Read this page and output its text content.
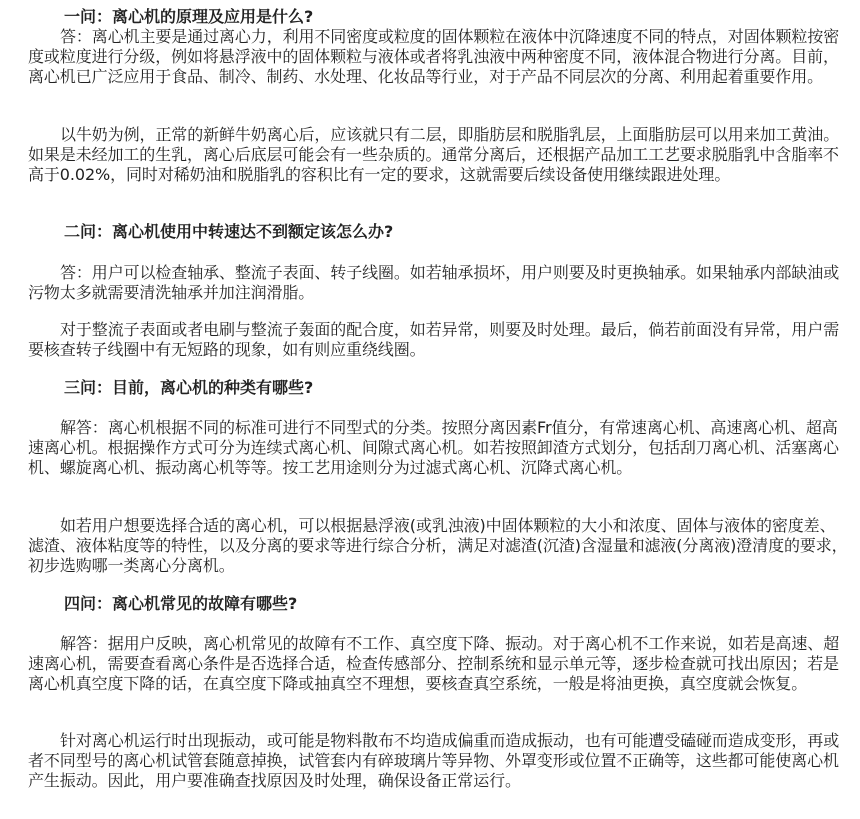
一问：离心机的原理及应用是什么?

答：离心机主要是通过离心力，利用不同密度或粒度的固体颗粒在液体中沉降速度不同的特点，对固体颗粒按密度或粒度进行分级，例如将悬浮液中的固体颗粒与液体或者将乳浊液中两种密度不同，液体混合物进行分离。目前，离心机已广泛应用于食品、制冷、制药、水处理、化妆品等行业，对于产品不同层次的分离、利用起着重要作用。

以牛奶为例，正常的新鲜牛奶离心后，应该就只有二层，即脂肪层和脱脂乳层，上面脂肪层可以用来加工黄油。如果是未经加工的生乳，离心后底层可能会有一些杂质的。通常分离后，还根据产品加工工艺要求脱脂乳中含脂率不高于0.02%，同时对稀奶油和脱脂乳的容积比有一定的要求，这就需要后续设备使用继续跟进处理。

二问：离心机使用中转速达不到额定该怎么办?

答：用户可以检查轴承、整流子表面、转子线圈。如若轴承损坏，用户则要及时更换轴承。如果轴承内部缺油或污物太多就需要清洗轴承并加注润滑脂。

对于整流子表面或者电刷与整流子轰面的配合度，如若异常，则要及时处理。最后，倘若前面没有异常，用户需要核查转子线圈中有无短路的现象，如有则应重绕线圈。

三问：目前，离心机的种类有哪些?

解答：离心机根据不同的标准可进行不同型式的分类。按照分离因素Fr值分，有常速离心机、高速离心机、超高速离心机。根据操作方式可分为连续式离心机、间隙式离心机。如若按照卸渣方式划分，包括刮刀离心机、活塞离心机、螺旋离心机、振动离心机等等。按工艺用途则分为过滤式离心机、沉降式离心机。

如若用户想要选择合适的离心机，可以根据悬浮液(或乳浊液)中固体颗粒的大小和浓度、固体与液体的密度差、滤渣、液体粘度等的特性，以及分离的要求等进行综合分析，满足对滤渣(沉渣)含湿量和滤液(分离液)澄清度的要求，初步选购哪一类离心分离机。

四问：离心机常见的故障有哪些?

解答：据用户反映，离心机常见的故障有不工作、真空度下降、振动。对于离心机不工作来说，如若是高速、超速离心机，需要查看离心条件是否选择合适，检查传感部分、控制系统和显示单元等，逐步检查就可找出原因；若是离心机真空度下降的话，在真空度下降或抽真空不理想，要核查真空系统，一般是将油更换，真空度就会恢复。

针对离心机运行时出现振动，或可能是物料散布不均造成偏重而造成振动，也有可能遭受磕碰而造成变形，再或者不同型号的离心机试管套随意掉换，试管套内有碎玻璃片等异物、外罩变形或位置不正确等，这些都可能使离心机产生振动。因此，用户要准确查找原因及时处理，确保设备正常运行。
